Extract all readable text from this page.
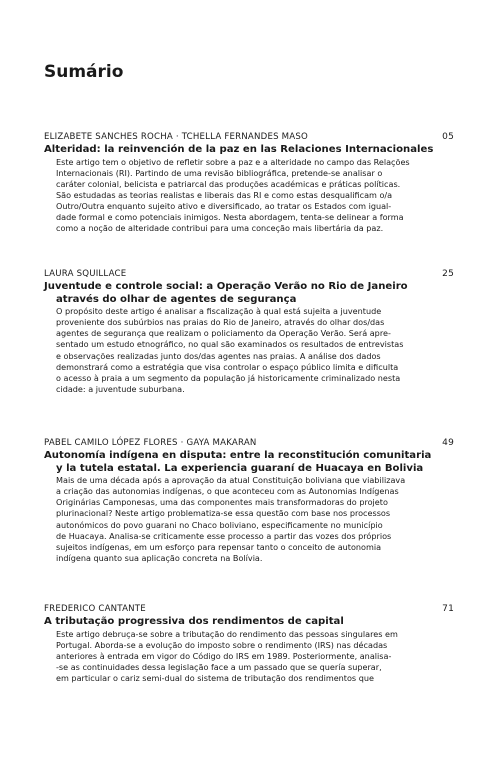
Sumário
ELIZABETE SANCHES ROCHA · TCHELLA FERNANDES MASO	05
Alteridad: la reinvención de la paz en las Relaciones Internacionales
Este artigo tem o objetivo de refletir sobre a paz e a alteridade no campo das Relações
Internacionais (RI). Partindo de uma revisão bibliográfica, pretende-se analisar o
caráter colonial, belicista e patriarcal das produções académicas e práticas políticas.
São estudadas as teorias realistas e liberais das RI e como estas desqualificam o/a
Outro/Outra enquanto sujeito ativo e diversificado, ao tratar os Estados com igual-
dade formal e como potenciais inimigos. Nesta abordagem, tenta-se delinear a forma
como a noção de alteridade contribui para uma conceção mais libertária da paz.
LAURA SQUILLACE	25
Juventude e controle social: a Operação Verão no Rio de Janeiro
através do olhar de agentes de segurança
O propósito deste artigo é analisar a fiscalização à qual está sujeita a juventude
proveniente dos subúrbios nas praias do Rio de Janeiro, através do olhar dos/das
agentes de segurança que realizam o policiamento da Operação Verão. Será apre-
sentado um estudo etnográfico, no qual são examinados os resultados de entrevistas
e observações realizadas junto dos/das agentes nas praias. A análise dos dados
demonstrará como a estratégia que visa controlar o espaço público limita e dificulta
o acesso à praia a um segmento da população já historicamente criminalizado nesta
cidade: a juventude suburbana.
PABEL CAMILO LÓPEZ FLORES · GAYA MAKARAN	49
Autonomía indígena en disputa: entre la reconstitución comunitaria
y la tutela estatal. La experiencia guaraní de Huacaya en Bolivia
Mais de uma década após a aprovação da atual Constituição boliviana que viabilizava
a criação das autonomias indígenas, o que aconteceu com as Autonomias Indígenas
Originárias Camponesas, uma das componentes mais transformadoras do projeto
plurinacional? Neste artigo problematiza-se essa questão com base nos processos
autonómicos do povo guarani no Chaco boliviano, especificamente no município
de Huacaya. Analisa-se criticamente esse processo a partir das vozes dos próprios
sujeitos indígenas, em um esforço para repensar tanto o conceito de autonomia
indígena quanto sua aplicação concreta na Bolívia.
FREDERICO CANTANTE	71
A tributação progressiva dos rendimentos de capital
Este artigo debruça-se sobre a tributação do rendimento das pessoas singulares em
Portugal. Aborda-se a evolução do imposto sobre o rendimento (IRS) nas décadas
anteriores à entrada em vigor do Código do IRS em 1989. Posteriormente, analisa-
-se as continuidades dessa legislação face a um passado que se quería superar,
em particular o cariz semi-dual do sistema de tributação dos rendimentos que
